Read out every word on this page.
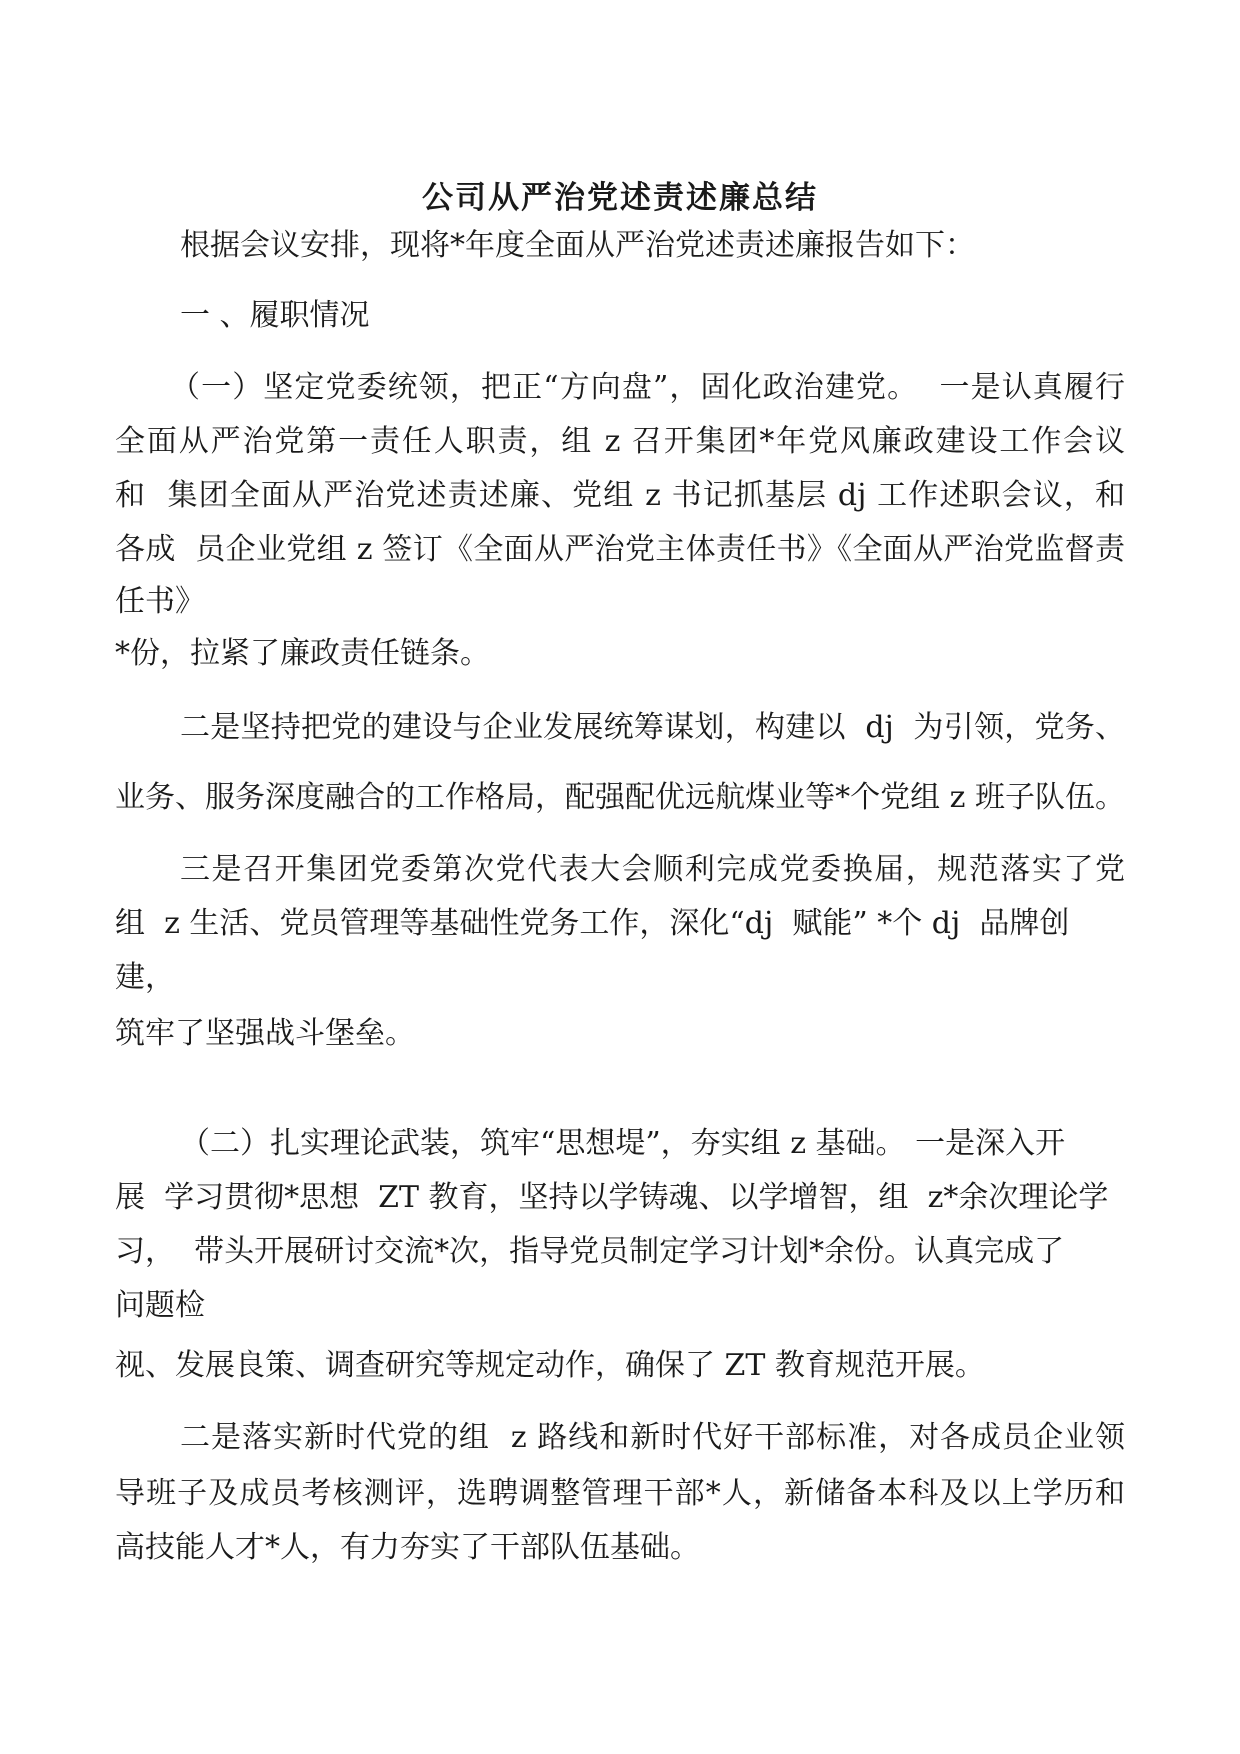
公司从严治党述责述廉总结
根据会议安排，现将*年度全面从严治党述责述廉报告如下：
一 、履职情况
（一）坚定党委统领，把正“方向盘”，固化政治建党。  一是认真履行
全面从严治党第一责任人职责，组 z 召开集团*年党风廉政建设工作会议
和  集团全面从严治党述责述廉、党组 z 书记抓基层 dj 工作述职会议，和
各成  员企业党组 z 签订《全面从严治党主体责任书》《全面从严治党监督责
任书》
*份，拉紧了廉政责任链条。
二是坚持把党的建设与企业发展统筹谋划，构建以  dj  为引领，党务、
业务、服务深度融合的工作格局，配强配优远航煤业等*个党组 z 班子队伍。
三是召开集团党委第次党代表大会顺利完成党委换届，规范落实了党
组  z 生活、党员管理等基础性党务工作，深化“dj  赋能” *个 dj  品牌创
建，
筑牢了坚强战斗堡垒。
（二）扎实理论武装，筑牢“思想堤”，夯实组 z 基础。 一是深入开
展  学习贯彻*思想  ZT 教育，坚持以学铸魂、以学增智，组  z*余次理论学
习，  带头开展研讨交流*次，指导党员制定学习计划*余份。认真完成了
问题检
视、发展良策、调查研究等规定动作，确保了 ZT 教育规范开展。
二是落实新时代党的组  z 路线和新时代好干部标准，对各成员企业领
导班子及成员考核测评，选聘调整管理干部*人，新储备本科及以上学历和
高技能人才*人，有力夯实了干部队伍基础。
